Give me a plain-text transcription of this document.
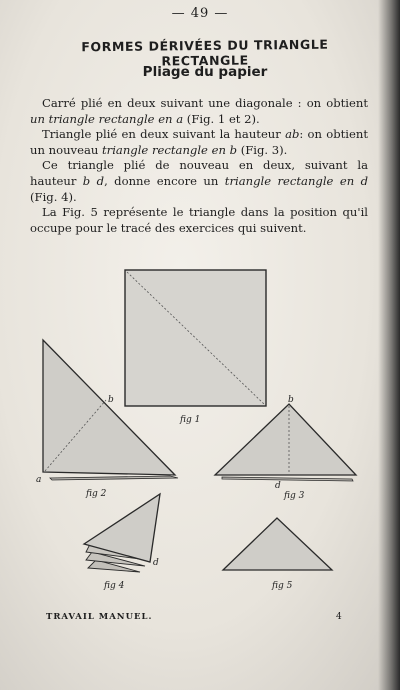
— 49 —
FORMES DÉRIVÉES DU TRIANGLE RECTANGLE
Pliage du papier

Carré plié en deux suivant une diagonale : on obtient un triangle rectangle en a (Fig. 1 et 2).

Triangle plié en deux suivant la hauteur ab: on obtient un nouveau triangle rectangle en b (Fig. 3).

Ce triangle plié de nouveau en deux, suivant la hauteur b d, donne encore un triangle rectangle en d (Fig. 4).

La Fig. 5 représente le triangle dans la position qu'il occupe pour le tracé des exercices qui suivent.

fig 1
a
b
fig 2
b
d
fig 3
d
fig 4	fig 5
TRAVAIL MANUEL.	4
